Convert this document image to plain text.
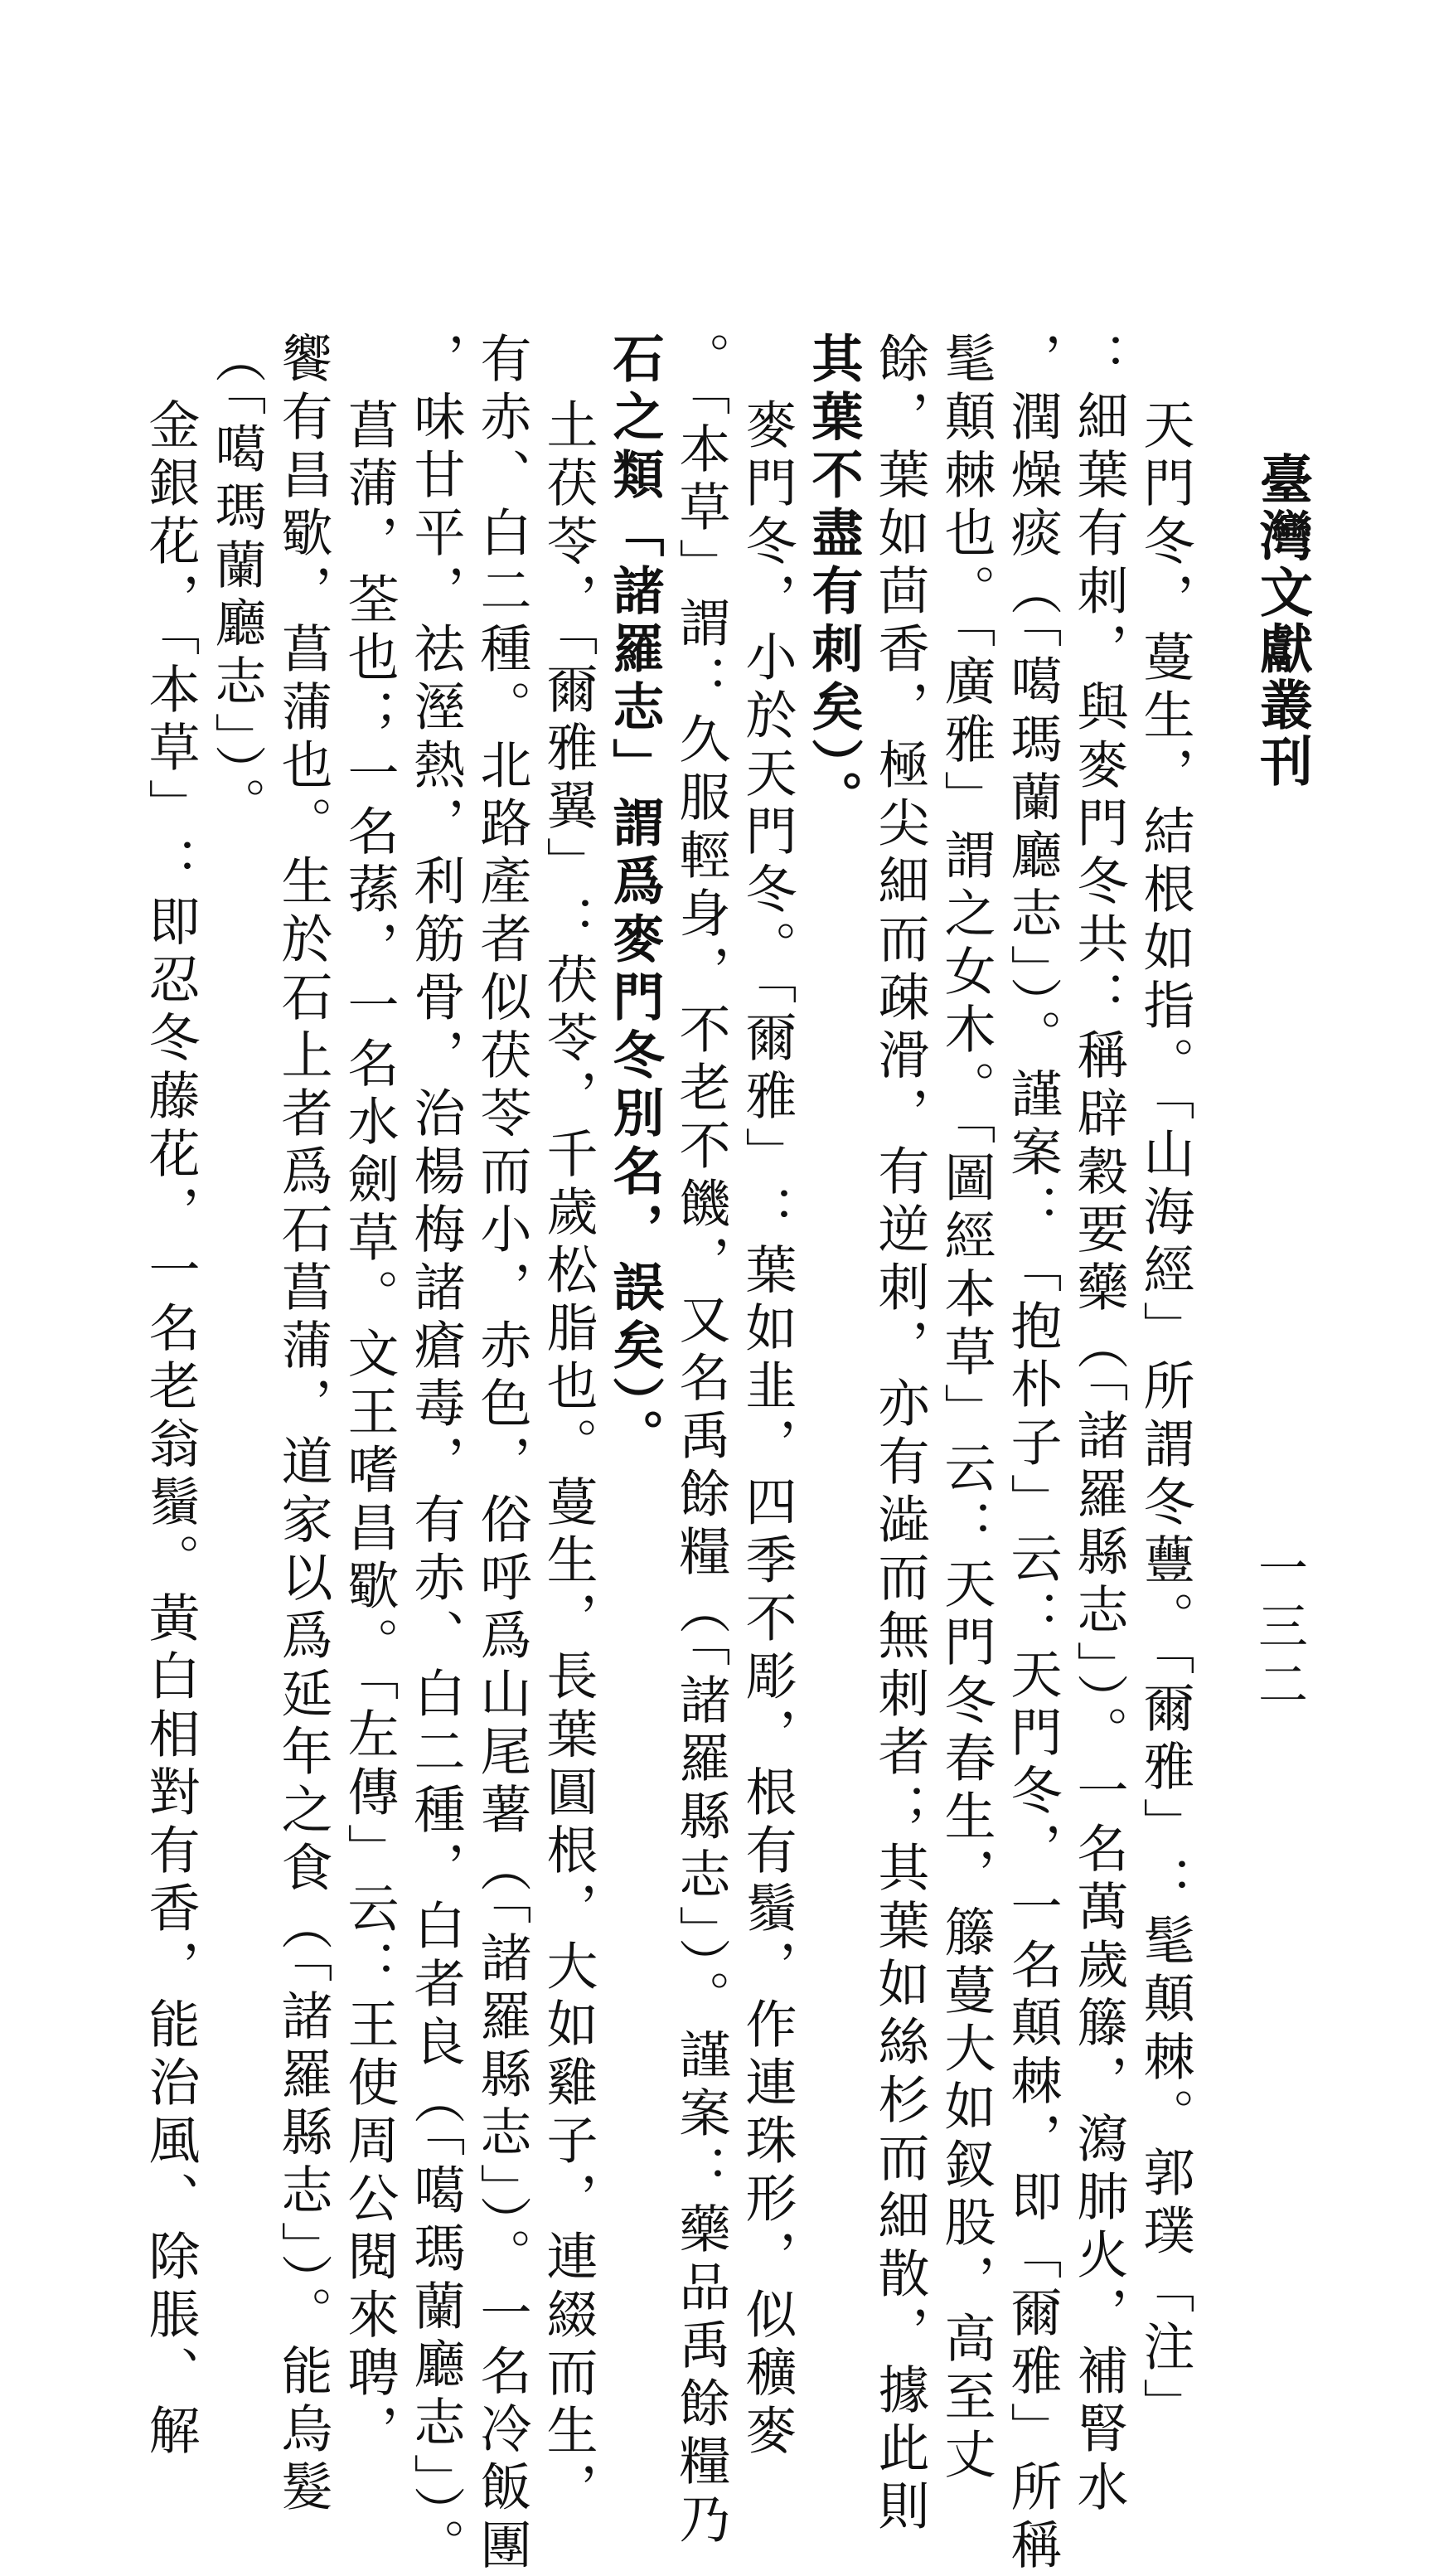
臺灣文獻叢刊
一三二
天門冬，蔓生，結根如指。「山海經」所謂冬蘴。「爾雅」：髦顛棘。郭璞「注」
：細葉有刺，與麥門冬共：稱辟穀要藥（「諸羅縣志」）。一名萬歲籐，瀉肺火，補腎水
，潤燥痰（「噶瑪蘭廳志」）。謹案：「抱朴子」云：天門冬，一名顛棘，即「爾雅」所稱
髦顛棘也。「廣雅」謂之女木。「圖經本草」云：天門冬春生，籐蔓大如釵股，高至丈
餘，葉如茴香，極尖細而疎滑，有逆刺，亦有澁而無刺者；其葉如絲杉而細散，據此則
其葉不盡有刺矣）。
麥門冬，小於天門冬。「爾雅」：葉如韭，四季不彫，根有鬚，作連珠形，似穬麥
。「本草」謂：久服輕身，不老不饑，又名禹餘糧（「諸羅縣志」）。謹案：藥品禹餘糧乃
石之類「諸羅志」謂爲麥門冬別名，誤矣）。
土茯苓，「爾雅翼」：茯苓，千歲松脂也。蔓生，長葉圓根，大如雞子，連綴而生，
有赤、白二種。北路產者似茯苓而小，赤色，俗呼爲山尾薯（「諸羅縣志」）。一名冷飯團
，味甘平，祛溼熱，利筋骨，治楊梅諸瘡毒，有赤、白二種，白者良（「噶瑪蘭廳志」）。
菖蒲，荃也；一名蓀，一名水劍草。文王嗜昌歜。「左傳」云：王使周公閱來聘，
饗有昌歜，菖蒲也。生於石上者爲石菖蒲，道家以爲延年之食（「諸羅縣志」）。能烏髮
（「噶瑪蘭廳志」）。
金銀花，「本草」：即忍冬藤花，一名老翁鬚。黃白相對有香，能治風、除脹、解
